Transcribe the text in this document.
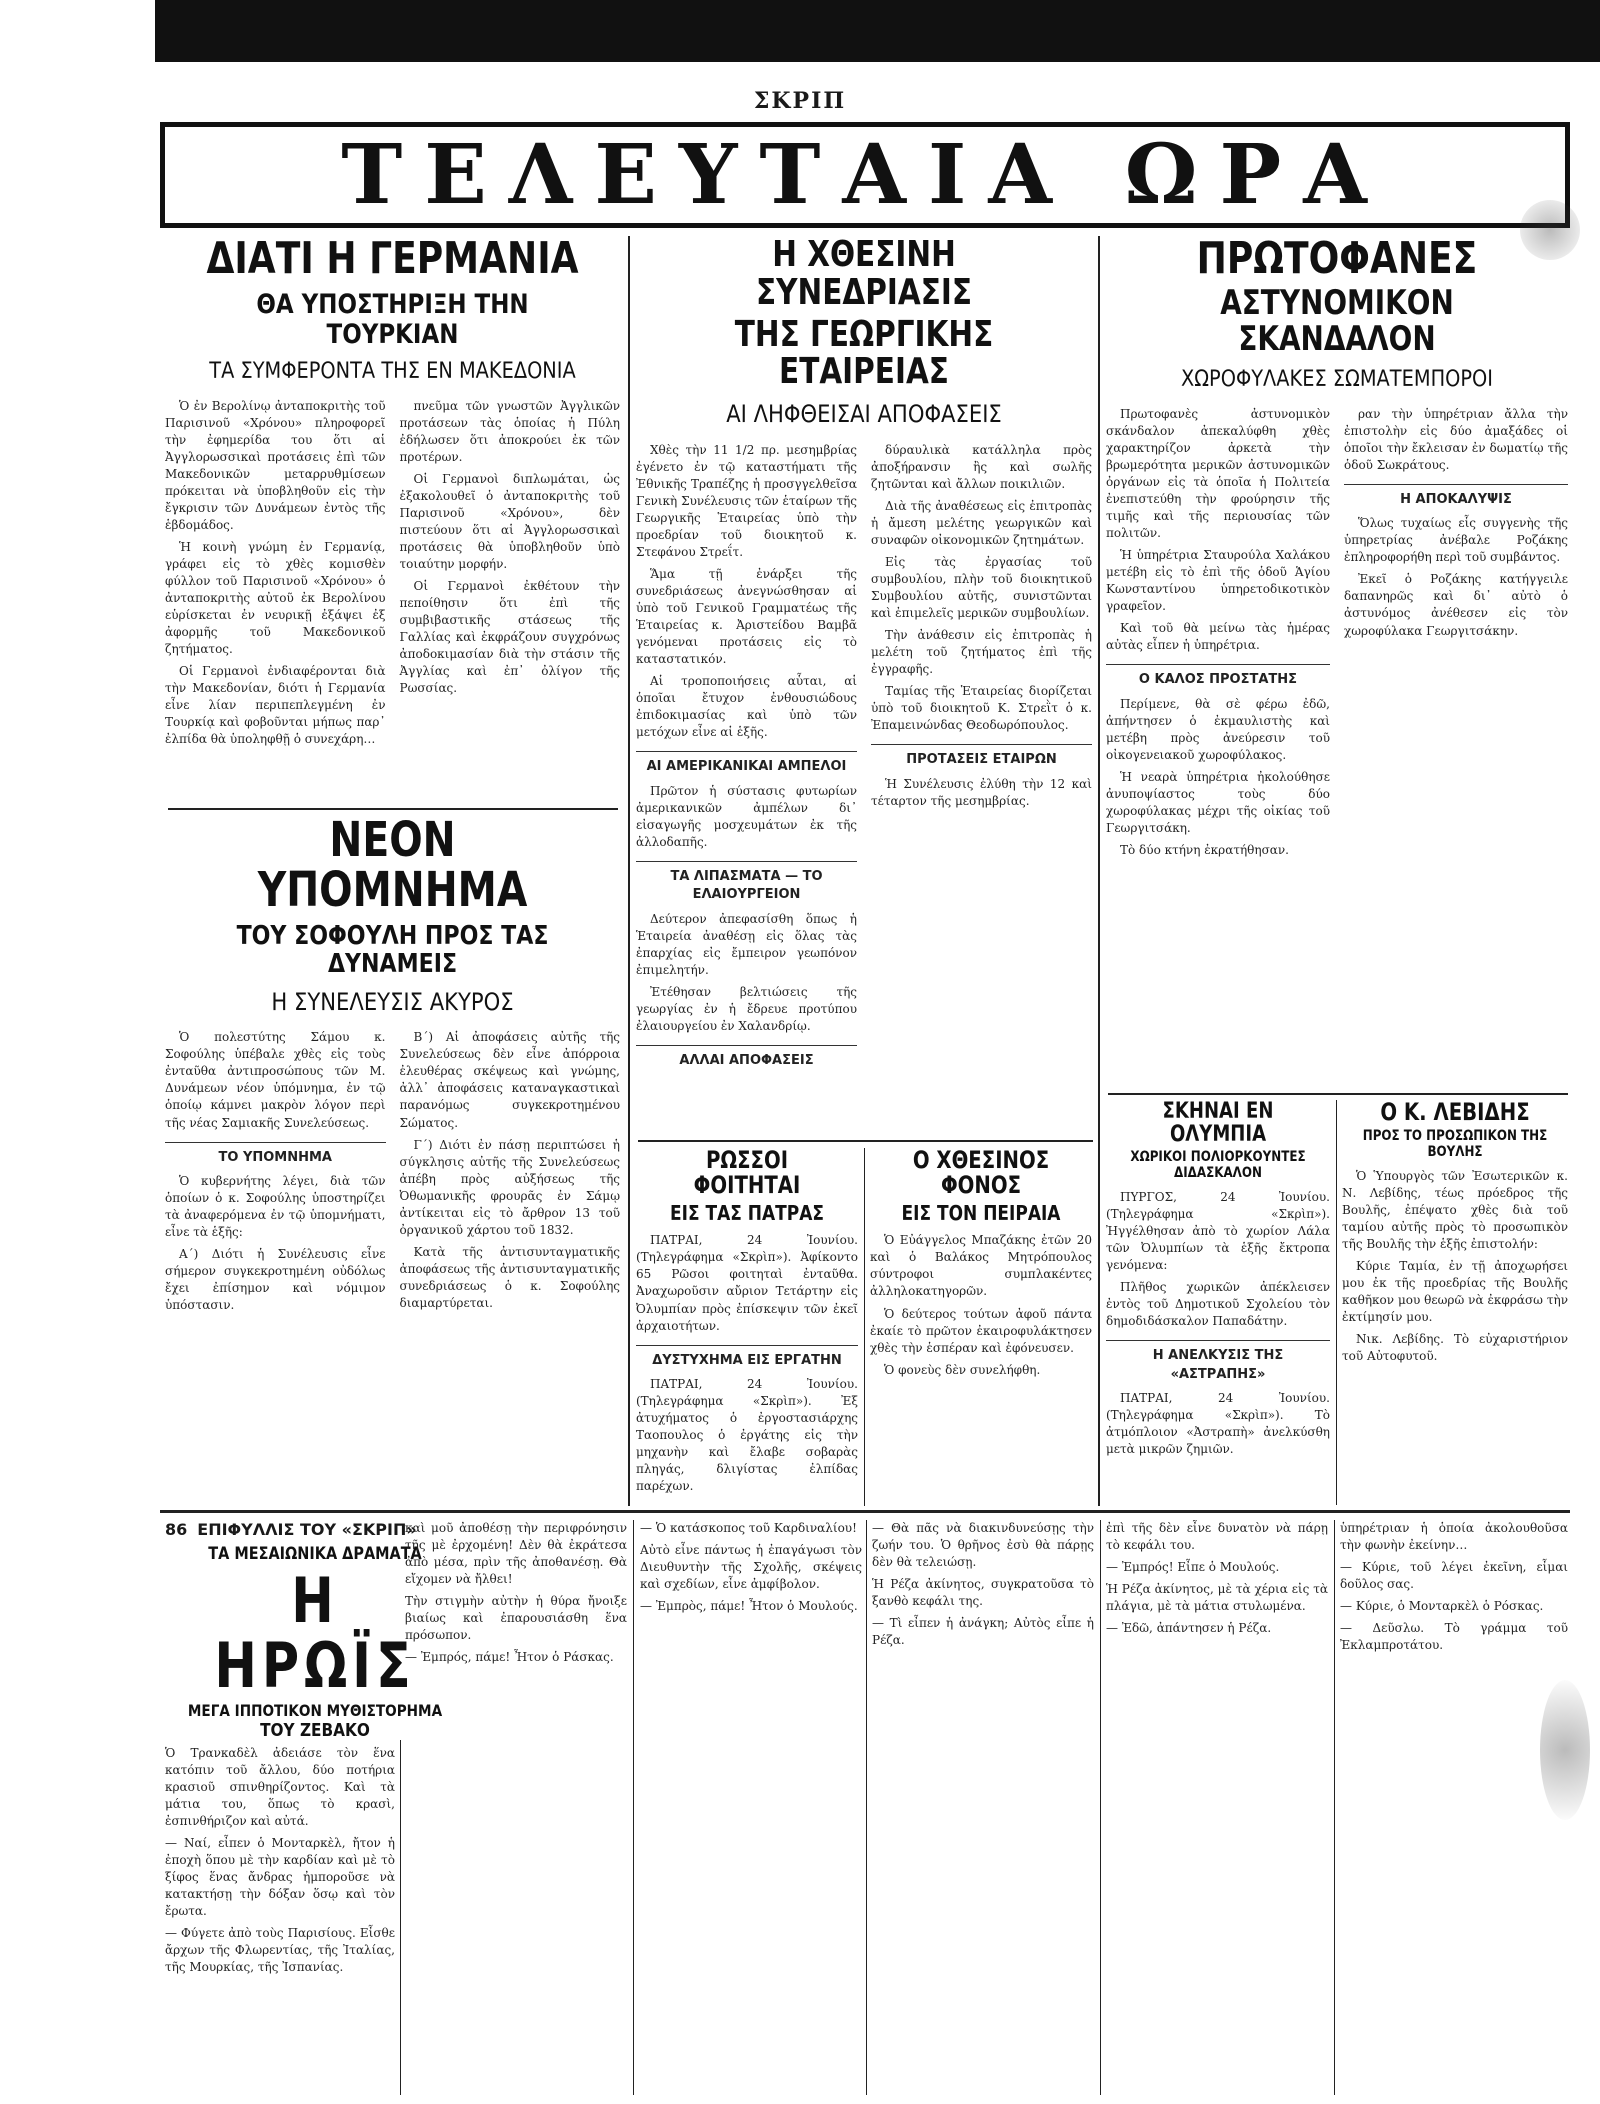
ΣΚΡΙΠ
ΤΕΛΕΥΤΑΙΑ ΩΡΑ
ΔΙΑΤΙ Η ΓΕΡΜΑΝΙΑ
ΘΑ ΥΠΟΣΤΗΡΙΞΗ ΤΗΝ ΤΟΥΡΚΙΑΝ
ΤΑ ΣΥΜΦΕΡΟΝΤΑ ΤΗΣ ΕΝ ΜΑΚΕΔΟΝΙΑ

Ὁ ἐν Βερολίνῳ ἀνταποκριτὴς τοῦ Παρισινοῦ «Χρόνου» πληροφορεῖ τὴν ἐφημερίδα του ὅτι αἱ Ἀγγλορωσσικαὶ προτάσεις ἐπὶ τῶν Μακεδονικῶν μεταρρυθμίσεων πρόκειται νὰ ὑποβληθοῦν εἰς τὴν ἔγκρισιν τῶν Δυνάμεων ἐντὸς τῆς ἑβδομάδος.

Ἡ κοινὴ γνώμη ἐν Γερμανίᾳ, γράφει εἰς τὸ χθὲς κομισθὲν φύλλον τοῦ Παρισινοῦ «Χρόνου» ὁ ἀνταποκριτὴς αὐτοῦ ἐκ Βερολίνου εὑρίσκεται ἐν νευρικῇ ἐξάψει ἐξ ἀφορμῆς τοῦ Μακεδονικοῦ ζητήματος.

Οἱ Γερμανοὶ ἐνδιαφέρονται διὰ τὴν Μακεδονίαν, διότι ἡ Γερμανία εἶνε λίαν περιπεπλεγμένη ἐν Τουρκίᾳ καὶ φοβοῦνται μήπως παρ᾽ ἐλπίδα θὰ ὑποληφθῇ ὁ συνεχάρη…

πνεῦμα τῶν γνωστῶν Ἀγγλικῶν προτάσεων τὰς ὁποίας ἡ Πύλη ἐδήλωσεν ὅτι ἀποκρούει ἐκ τῶν προτέρων.

Οἱ Γερμανοὶ διπλωμάται, ὡς ἐξακολουθεῖ ὁ ἀνταποκριτὴς τοῦ Παρισινοῦ «Χρόνου», δὲν πιστεύουν ὅτι αἱ Ἀγγλορωσσικαὶ προτάσεις θὰ ὑποβληθοῦν ὑπὸ τοιαύτην μορφήν.

Οἱ Γερμανοὶ ἐκθέτουν τὴν πεποίθησιν ὅτι ἐπὶ τῆς συμβιβαστικῆς στάσεως τῆς Γαλλίας καὶ ἐκφράζουν συγχρόνως ἀποδοκιμασίαν διὰ τὴν στάσιν τῆς Ἀγγλίας καὶ ἐπ᾽ ὀλίγον τῆς Ρωσσίας.

ΝΕΟΝ ΥΠΟΜΝΗΜΑ
ΤΟΥ ΣΟΦΟΥΛΗ ΠΡΟΣ ΤΑΣ ΔΥΝΑΜΕΙΣ
Η ΣΥΝΕΛΕΥΣΙΣ ΑΚΥΡΟΣ

Ὁ πολεστύτης Σάμου κ. Σοφούλης ὑπέβαλε χθὲς εἰς τοὺς ἐνταῦθα ἀντιπροσώπους τῶν Μ. Δυνάμεων νέον ὑπόμνημα, ἐν τῷ ὁποίῳ κάμνει μακρὸν λόγον περὶ τῆς νέας Σαμιακῆς Συνελεύσεως.

ΤΟ ΥΠΟΜΝΗΜΑ

Ὁ κυβερνήτης λέγει, διὰ τῶν ὁποίων ὁ κ. Σοφούλης ὑποστηρίζει τὰ ἀναφερόμενα ἐν τῷ ὑπομνήματι, εἶνε τὰ ἑξῆς:

Α´) Διότι ἡ Συνέλευσις εἶνε σήμερον συγκεκροτημένη οὐδόλως ἔχει ἐπίσημον καὶ νόμιμον ὑπόστασιν.

Β´) Αἱ ἀποφάσεις αὐτῆς τῆς Συνελεύσεως δὲν εἶνε ἀπόρροια ἐλευθέρας σκέψεως καὶ γνώμης, ἀλλ᾽ ἀποφάσεις καταναγκαστικαὶ παρανόμως συγκεκροτημένου Σώματος.

Γ´) Διότι ἐν πάσῃ περιπτώσει ἡ σύγκλησις αὐτῆς τῆς Συνελεύσεως ἀπέβη πρὸς αὐξήσεως τῆς Ὀθωμανικῆς φρουρᾶς ἐν Σάμῳ ἀντίκειται εἰς τὸ ἄρθρον 13 τοῦ ὀργανικοῦ χάρτου τοῦ 1832.

Κατὰ τῆς ἀντισυνταγματικῆς ἀποφάσεως τῆς ἀντισυνταγματικῆς συνεδριάσεως ὁ κ. Σοφούλης διαμαρτύρεται.

Η ΧΘΕΣΙΝΗ ΣΥΝΕΔΡΙΑΣΙΣ
ΤΗΣ ΓΕΩΡΓΙΚΗΣ ΕΤΑΙΡΕΙΑΣ
ΑΙ ΛΗΦΘΕΙΣΑΙ ΑΠΟΦΑΣΕΙΣ

Χθὲς τὴν 11 1/2 πρ. μεσημβρίας ἐγένετο ἐν τῷ καταστήματι τῆς Ἐθνικῆς Τραπέζης ἡ προσγγελθεῖσα Γενικὴ Συνέλευσις τῶν ἑταίρων τῆς Γεωργικῆς Ἑταιρείας ὑπὸ τὴν προεδρίαν τοῦ διοικητοῦ κ. Στεφάνου Στρεΐτ.

Ἅμα τῇ ἐνάρξει τῆς συνεδριάσεως ἀνεγνώσθησαν αἱ ὑπὸ τοῦ Γενικοῦ Γραμματέως τῆς Ἑταιρείας κ. Ἀριστείδου Βαμβᾶ γενόμεναι προτάσεις εἰς τὸ καταστατικόν.

Αἱ τροποποιήσεις αὗται, αἱ ὁποῖαι ἔτυχον ἐνθουσιώδους ἐπιδοκιμασίας καὶ ὑπὸ τῶν μετόχων εἶνε αἱ ἑξῆς.

ΑΙ ΑΜΕΡΙΚΑΝΙΚΑΙ ΑΜΠΕΛΟΙ

Πρῶτον ἡ σύστασις φυτωρίων ἀμερικανικῶν ἀμπέλων δι᾽ εἰσαγωγῆς μοσχευμάτων ἐκ τῆς ἀλλοδαπῆς.

ΤΑ ΛΙΠΑΣΜΑΤΑ — ΤΟ ΕΛΑΙΟΥΡΓΕΙΟΝ

Δεύτερον ἀπεφασίσθη ὅπως ἡ Ἑταιρεία ἀναθέσῃ εἰς ὅλας τὰς ἐπαρχίας εἰς ἔμπειρον γεωπόνον ἐπιμελητήν.

Ἐτέθησαν βελτιώσεις τῆς γεωργίας ἐν ἡ ἔδρευε προτύπου ἐλαιουργείου ἐν Χαλανδρίῳ.

ΑΛΛΑΙ ΑΠΟΦΑΣΕΙΣ

δύραυλικὰ κατάλληλα πρὸς ἀποξήρανσιν ἢς καὶ σωλῆς ζητῶνται καὶ ἄλλων ποικιλιῶν.

Διὰ τῆς ἀναθέσεως εἰς ἐπιτροπὰς ἡ ἄμεση μελέτης γεωργικῶν καὶ συναφῶν οἰκονομικῶν ζητημάτων.

Εἰς τὰς ἐργασίας τοῦ συμβουλίου, πλὴν τοῦ διοικητικοῦ Συμβουλίου αὐτῆς, συνιστῶνται καὶ ἐπιμελεῖς μερικῶν συμβουλίων.

Τὴν ἀνάθεσιν εἰς ἐπιτροπὰς ἡ μελέτη τοῦ ζητήματος ἐπὶ τῆς ἐγγραφῆς.

Ταμίας τῆς Ἑταιρείας διορίζεται ὑπὸ τοῦ διοικητοῦ Κ. Στρεῒτ ὁ κ. Ἐπαμεινώνδας Θεοδωρόπουλος.

ΠΡΟΤΑΣΕΙΣ ΕΤΑΙΡΩΝ

Ἡ Συνέλευσις ἐλύθη τὴν 12 καὶ τέταρτον τῆς μεσημβρίας.

ΡΩΣΣΟΙ ΦΟΙΤΗΤΑΙ
ΕΙΣ ΤΑΣ ΠΑΤΡΑΣ

ΠΑΤΡΑΙ, 24 Ἰουνίου. (Τηλεγράφημα «Σκρὶπ»). Ἀφίκοντο 65 Ρῶσοι φοιτηταὶ ἐνταῦθα. Ἀναχωροῦσιν αὔριον Τετάρτην εἰς Ὀλυμπίαν πρὸς ἐπίσκεψιν τῶν ἐκεῖ ἀρχαιοτήτων.

ΔΥΣΤΥΧΗΜΑ ΕΙΣ ΕΡΓΑΤΗΝ

ΠΑΤΡΑΙ, 24 Ἰουνίου. (Τηλεγράφημα «Σκρὶπ»). Ἐξ ἀτυχήματος ὁ ἐργοστασιάρχης Ταοπουλος ὁ ἐργάτης εἰς τὴν μηχανὴν καὶ ἔλαβε σοβαρὰς πληγάς, δλιγίστας ἐλπίδας παρέχων.

Ο ΧΘΕΣΙΝΟΣ ΦΟΝΟΣ
ΕΙΣ ΤΟΝ ΠΕΙΡΑΙΑ

Ὁ Εὐάγγελος Μπαζάκης ἐτῶν 20 καὶ ὁ Βαλάκος Μητρόπουλος σύντροφοι συμπλακέντες ἀλληλοκατηγορῶν.

Ὁ δεύτερος τούτων ἀφοῦ πάντα ἐκαίε τὸ πρῶτον ἐκαιροφυλάκτησεν χθὲς τὴν ἑσπέραν καὶ ἐφόνευσεν.

Ὁ φονεὺς δὲν συνελήφθη.

ΠΡΩΤΟΦΑΝΕΣ
ΑΣΤΥΝΟΜΙΚΟΝ ΣΚΑΝΔΑΛΟΝ
ΧΩΡΟΦΥΛΑΚΕΣ ΣΩΜΑΤΕΜΠΟΡΟΙ

Πρωτοφανὲς ἀστυνομικὸν σκάνδαλον ἀπεκαλύφθη χθὲς χαρακτηρίζον ἀρκετὰ τὴν βρωμερότητα μερικῶν ἀστυνομικῶν ὀργάνων εἰς τὰ ὁποῖα ἡ Πολιτεία ἐνεπιστεύθη τὴν φρούρησιν τῆς τιμῆς καὶ τῆς περιουσίας τῶν πολιτῶν.

Ἡ ὑπηρέτρια Σταυρούλα Χαλάκου μετέβη εἰς τὸ ἐπὶ τῆς ὁδοῦ Ἁγίου Κωνσταντίνου ὑπηρετοδικοτικὸν γραφεῖον.

Καὶ τοῦ θὰ μείνω τὰς ἡμέρας αὐτὰς εἶπεν ἡ ὑπηρέτρια.

Ο ΚΑΛΟΣ ΠΡΟΣΤΑΤΗΣ

Περίμενε, θὰ σὲ φέρω ἐδῶ, ἀπήντησεν ὁ ἐκμαυλιστὴς καὶ μετέβη πρὸς ἀνεύρεσιν τοῦ οἰκογενειακοῦ χωροφύλακος.

Ἡ νεαρὰ ὑπηρέτρια ἠκολούθησε ἀνυποψίαστος τοὺς δύο χωροφύλακας μέχρι τῆς οἰκίας τοῦ Γεωργιτσάκη.

Τὸ δύο κτήνη ἐκρατήθησαν.

ραν τὴν ὑπηρέτριαν ἄλλα τὴν ἐπιστολὴν εἰς δύο ἀμαξάδες οἱ ὁποῖοι τὴν ἔκλεισαν ἐν δωματίῳ τῆς ὁδοῦ Σωκράτους.

Η ΑΠΟΚΑΛΥΨΙΣ

Ὅλως τυχαίως εἷς συγγενὴς τῆς ὑπηρετρίας ἀνέβαλε Ροζάκης ἐπληροφορήθη περὶ τοῦ συμβάντος.

Ἐκεῖ ὁ Ροζάκης κατήγγειλε δαπανηρῶς καὶ δι᾽ αὐτὸ ὁ ἀστυνόμος ἀνέθεσεν εἰς τὸν χωροφύλακα Γεωργιτσάκην.

ΣΚΗΝΑΙ ΕΝ ΟΛΥΜΠΙΑ
ΧΩΡΙΚΟΙ ΠΟΛΙΟΡΚΟΥΝΤΕΣ ΔΙΔΑΣΚΑΛΟΝ

ΠΥΡΓΟΣ, 24 Ἰουνίου. (Τηλεγράφημα «Σκρὶπ»). Ἠγγέλθησαν ἀπὸ τὸ χωρίον Λάλα τῶν Ὀλυμπίων τὰ ἑξῆς ἔκτροπα γενόμενα:

Πλῆθος χωρικῶν ἀπέκλεισεν ἐντὸς τοῦ Δημοτικοῦ Σχολείου τὸν δημοδιδάσκαλον Παπαδάτην.

Η ΑΝΕΛΚΥΣΙΣ ΤΗΣ «ΑΣΤΡΑΠΗΣ»

ΠΑΤΡΑΙ, 24 Ἰουνίου. (Τηλεγράφημα «Σκρὶπ»). Τὸ ἀτμόπλοιον «Ἀστραπὴ» ἀνελκύσθη μετὰ μικρῶν ζημιῶν.

Ο Κ. ΛΕΒΙΔΗΣ
ΠΡΟΣ ΤΟ ΠΡΟΣΩΠΙΚΟΝ ΤΗΣ ΒΟΥΛΗΣ

Ὁ Ὑπουργὸς τῶν Ἐσωτερικῶν κ. Ν. Λεβίδης, τέως πρόεδρος τῆς Βουλῆς, ἐπέψατο χθὲς διὰ τοῦ ταμίου αὐτῆς πρὸς τὸ προσωπικὸν τῆς Βουλῆς τὴν ἑξῆς ἐπιστολήν:

Κύριε Ταμία, ἐν τῇ ἀποχωρήσει μου ἐκ τῆς προεδρίας τῆς Βουλῆς καθῆκον μου θεωρῶ νὰ ἐκφράσω τὴν ἐκτίμησίν μου.

Νικ. Λεβίδης. Τὸ εὐχαριστήριον τοῦ Αὐτοφυτοῦ.

86 ΕΠΙΦΥΛΛΙΣ ΤΟΥ «ΣΚΡΙΠ»
ΤΑ ΜΕΣΑΙΩΝΙΚΑ ΔΡΑΜΑΤΑ
Η ΗΡΩΪΣ
ΜΕΓΑ ΙΠΠΟΤΙΚΟΝ ΜΥΘΙΣΤΟΡΗΜΑ
ΤΟΥ ΖΕΒΑΚΟ

Ὁ Τρανκαδὲλ ἀδειάσε τὸν ἕνα κατόπιν τοῦ ἄλλου, δύο ποτήρια κρασιοῦ σπινθηρίζοντος. Καὶ τὰ μάτια του, ὅπως τὸ κρασὶ, ἐσπινθήριζον καὶ αὐτά.

— Ναί, εἶπεν ὁ Μονταρκὲλ, ἤτον ἡ ἐποχὴ ὅπου μὲ τὴν καρδίαν καὶ μὲ τὸ ξίφος ἕνας ἄνδρας ἠμποροῦσε νὰ κατακτήσῃ τὴν δόξαν ὅσῳ καὶ τὸν ἔρωτα.

— Φύγετε ἀπὸ τοὺς Παρισίους. Εἶσθε ἄρχων τῆς Φλωρεντίας, τῆς Ἰταλίας, τῆς Μουρκίας, τῆς Ἰσπανίας.

καὶ μοῦ ἀποθέσῃ τὴν περιφρόνησιν τῆς μὲ ἐρχομένη! Δὲν θὰ ἐκράτεσα ἀπὸ μέσα, πρὶν τῆς ἀποθανέσῃ. Θὰ εἴχομεν νὰ ἤλθει!

Τὴν στιγμὴν αὐτὴν ἡ θύρα ἤνοιξε βιαίως καὶ ἐπαρουσιάσθη ἕνα πρόσωπον.

— Ἐμπρός, πάμε! Ἦτον ὁ Ράσκας.

— Ὁ κατάσκοπος τοῦ Καρδιναλίου!

Αὐτὸ εἶνε πάντως ἡ ἐπαγάγωσι τὸν Διευθυντὴν τῆς Σχολῆς, σκέψεις καὶ σχεδίων, εἶνε ἀμφίβολον.

— Ἐμπρὸς, πάμε! Ἦτον ὁ Μουλούς.

— Θὰ πᾶς νὰ διακινδυνεύσῃς τὴν ζωήν του. Ὁ θρῆνος ἐσὺ θὰ πάρῃς δὲν θὰ τελειώσῃ.

Ἡ Ρέζα ἀκίνητος, συγκρατοῦσα τὸ ξανθὸ κεφάλι της.

— Τὶ εἶπεν ἡ ἀνάγκη; Αὐτὸς εἶπε ἡ Ρέζα.

ἐπὶ τῆς δὲν εἶνε δυνατὸν νὰ πάρῃ τὸ κεφάλι του.

— Ἐμπρός! Εἶπε ὁ Μουλούς.

Ἡ Ρέζα ἀκίνητος, μὲ τὰ χέρια εἰς τὰ πλάγια, μὲ τὰ μάτια στυλωμένα.

— Ἐδῶ, ἀπάντησεν ἡ Ρέζα.

ὑπηρέτριαν ἡ ὁποία ἀκολουθοῦσα τὴν φωνὴν ἐκείνην…

— Κύριε, τοῦ λέγει ἐκεῖνη, εἶμαι δοῦλος σας.

— Κύριε, ὁ Μονταρκὲλ ὁ Ρόσκας.

— Δεῦσλω. Τὸ γράμμα τοῦ Ἐκλαμπροτάτου.
